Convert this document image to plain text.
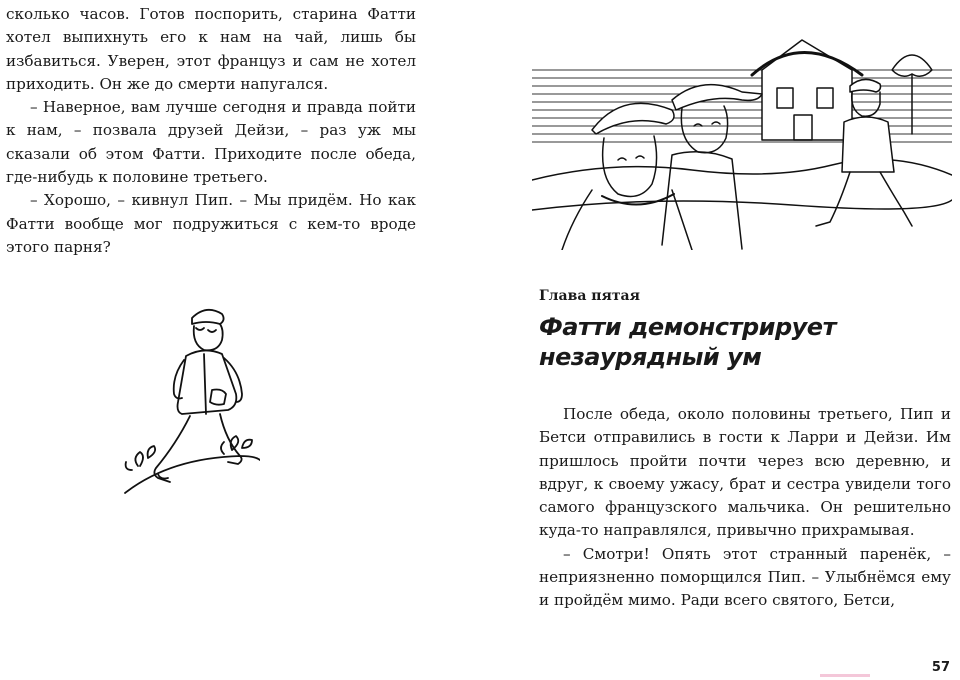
сколько часов. Готов поспорить, старина Фатти хотел выпихнуть его к нам на чай, лишь бы избавиться. Уверен, этот француз и сам не хотел приходить. Он же до смерти напугался.

– Наверное, вам лучше сегодня и правда пойти к нам, – позвала друзей Дейзи, – раз уж мы сказали об этом Фатти. Приходите после обеда, где-нибудь к половине третьего.

– Хорошо, – кивнул Пип. – Мы придём. Но как Фатти вообще мог подружиться с кем-то вроде этого парня?

Глава пятая
Фатти демонстрирует незаурядный ум

После обеда, около половины третьего, Пип и Бетси отправились в гости к Ларри и Дейзи. Им пришлось пройти почти через всю деревню, и вдруг, к своему ужасу, брат и сестра увидели того самого французского мальчика. Он решительно куда-то направлялся, привычно прихрамывая.

– Смотри! Опять этот странный паренёк, – неприязненно поморщился Пип. – Улыбнёмся ему и пройдём мимо. Ради всего святого, Бетси,

57
